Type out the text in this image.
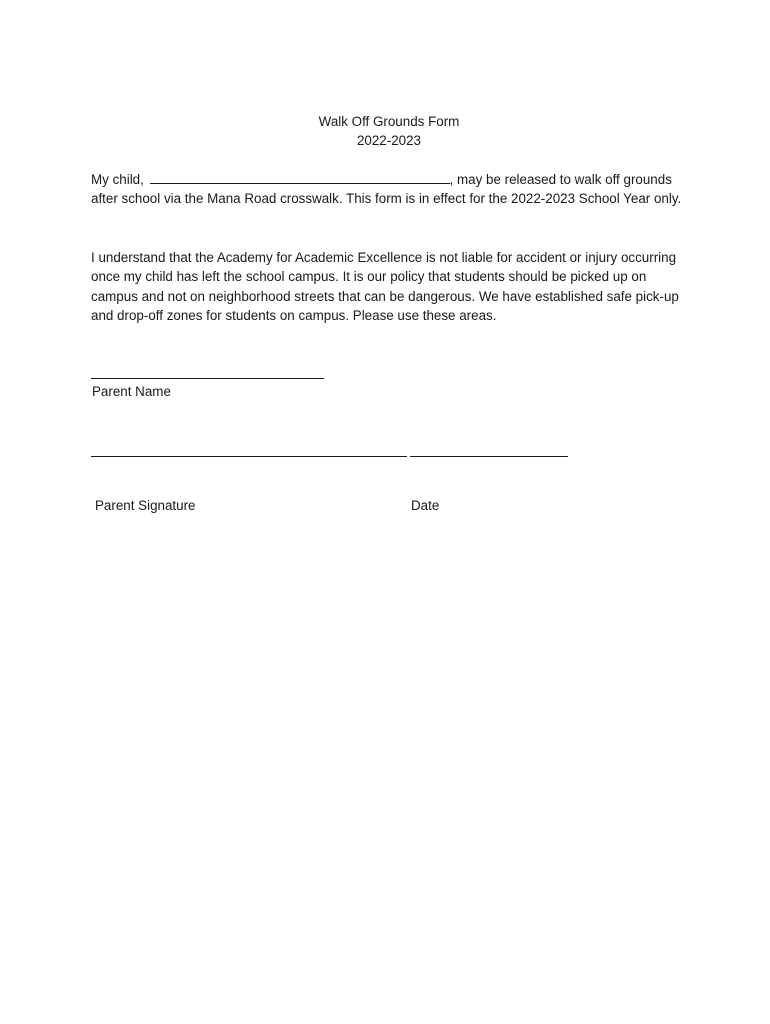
Walk Off Grounds Form
2022-2023

My child,	, may be released to walk off grounds after school via the Mana Road crosswalk. This form is in effect for the 2022-2023 School Year only.

I understand that the Academy for Academic Excellence is not liable for accident or injury occurring once my child has left the school campus. It is our policy that students should be picked up on campus and not on neighborhood streets that can be dangerous. We have established safe pick-up and drop-off zones for students on campus. Please use these areas.

Parent Name
Parent Signature	Date
